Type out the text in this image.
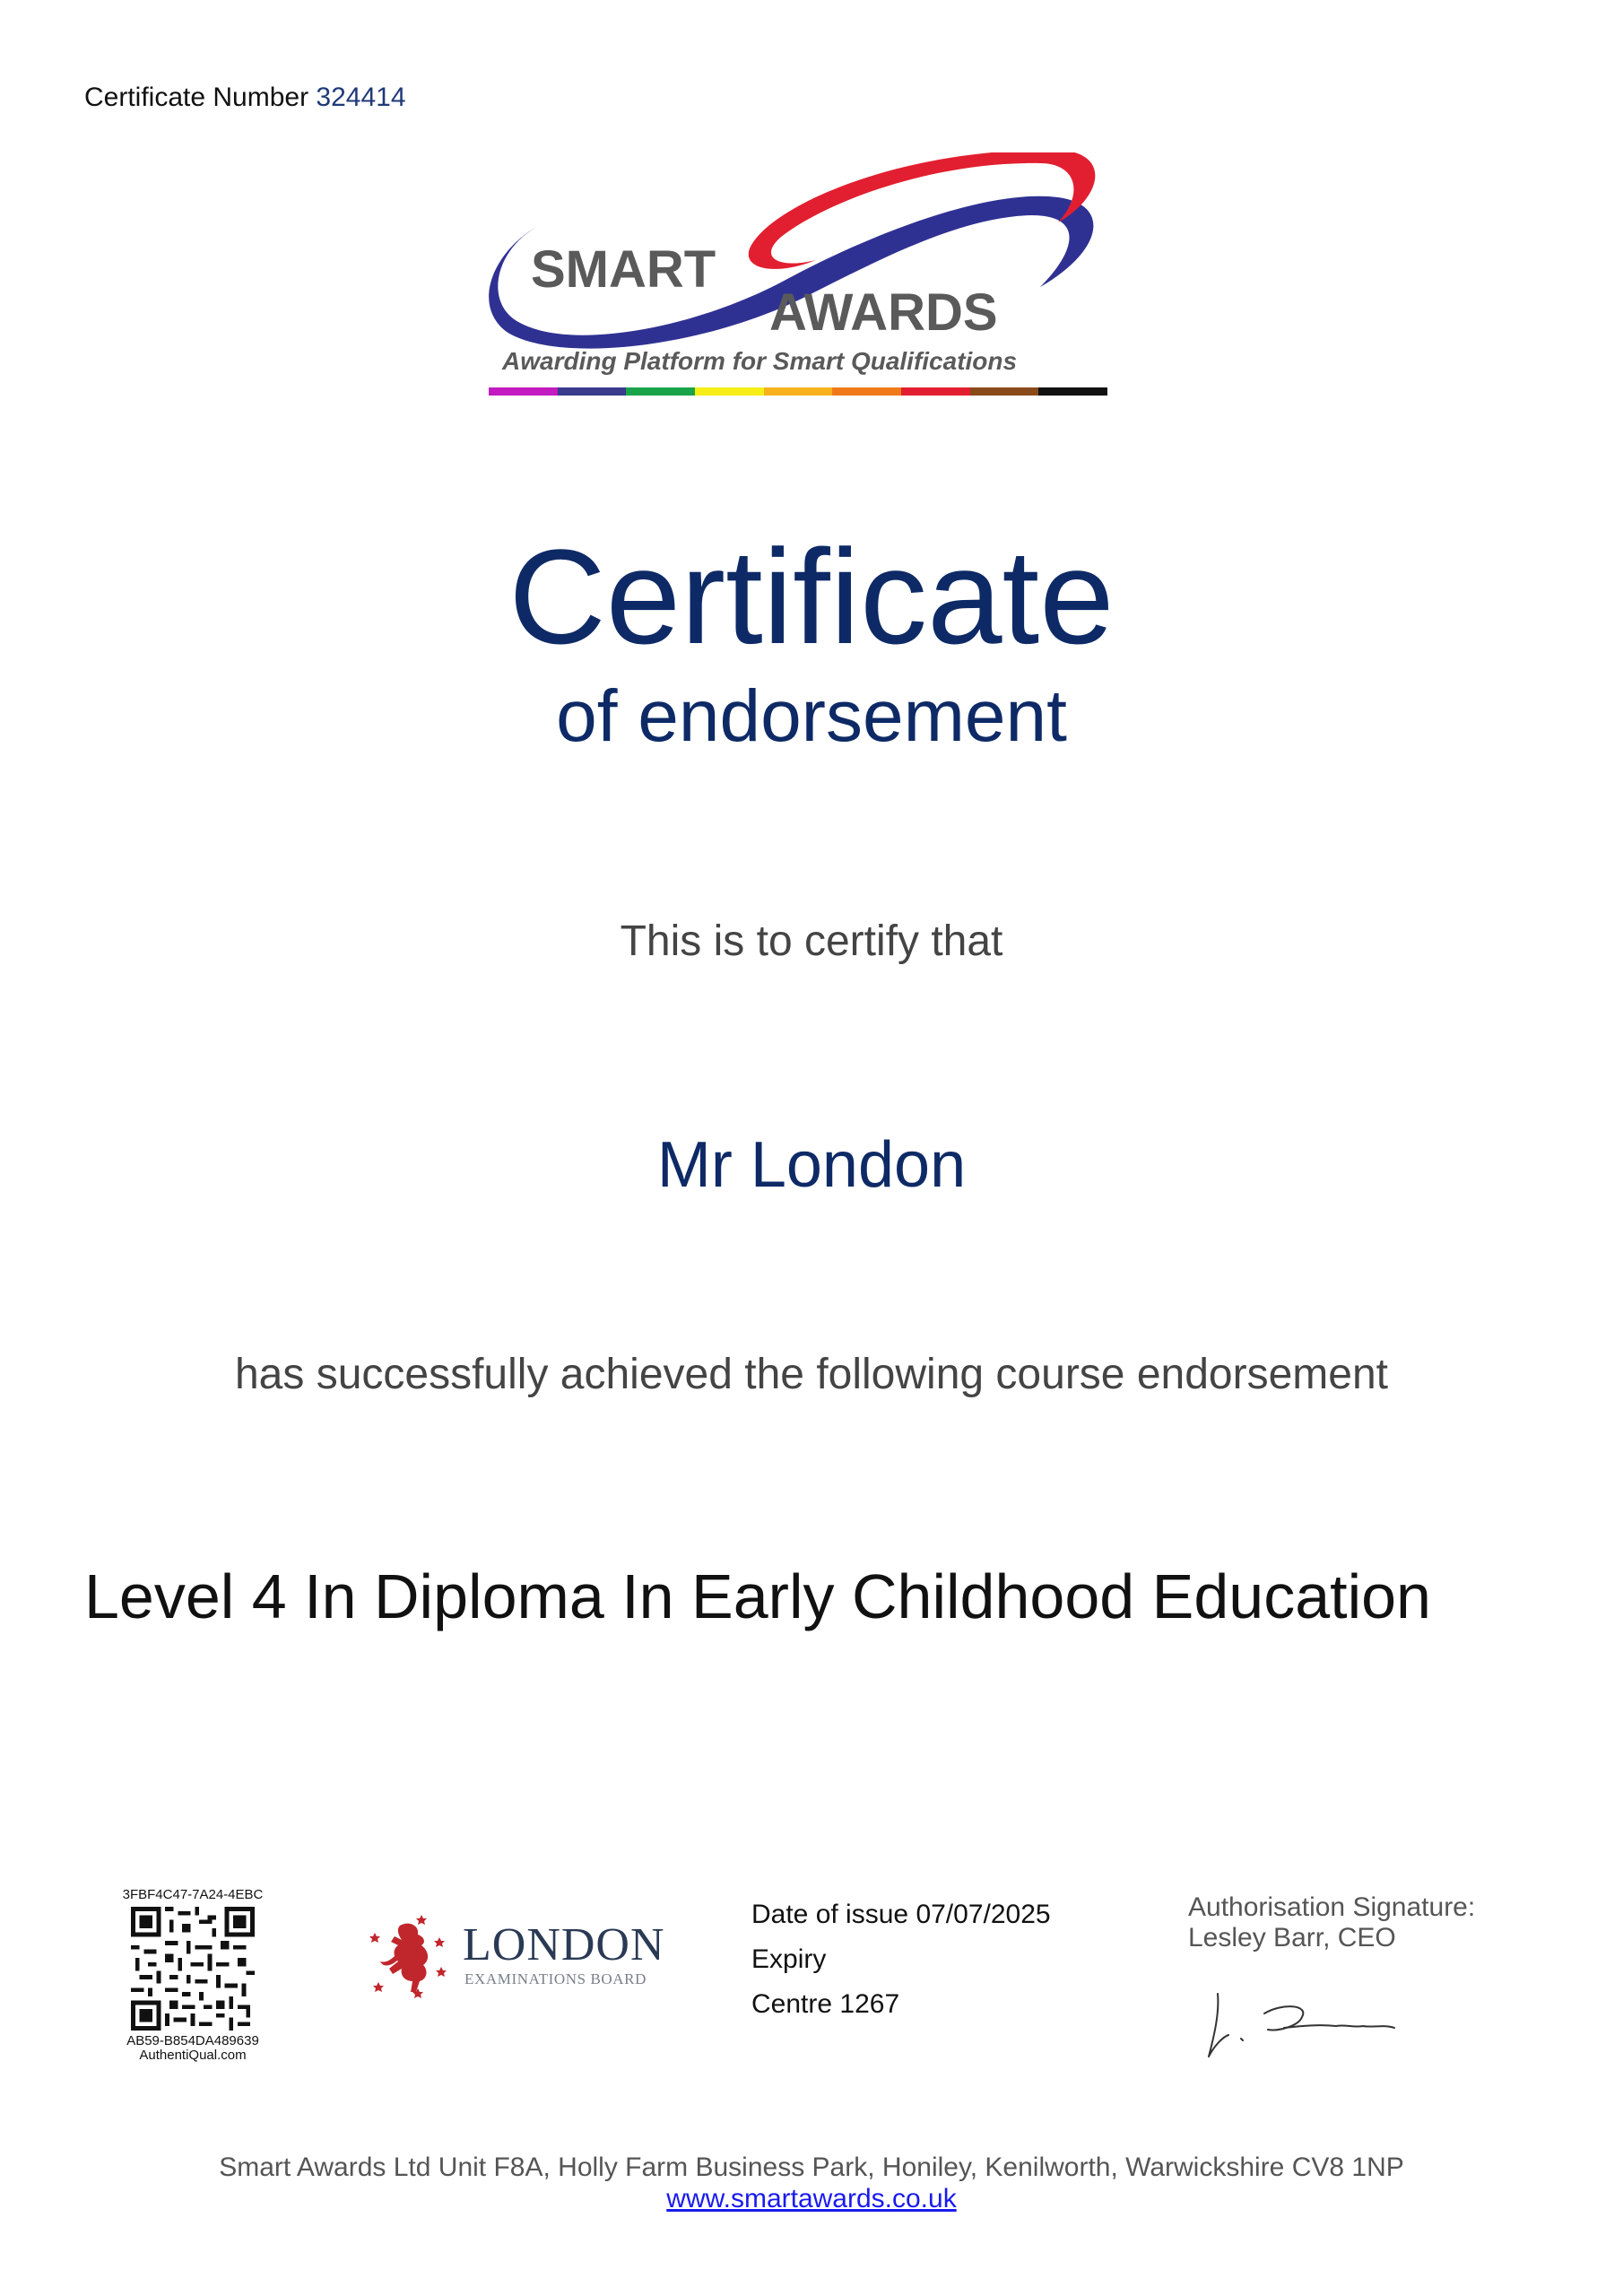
Certificate Number 324414
SMART
AWARDS
Awarding Platform for Smart Qualifications
Certificate
of endorsement
This is to certify that
Mr London
has successfully achieved the following course endorsement
Level 4 In Diploma In Early Childhood Education
3FBF4C47-7A24-4EBC
AB59-B854DA489639
AuthentiQual.com
LONDON
EXAMINATIONS BOARD
Date of issue 07/07/2025
Expiry
Centre 1267
Authorisation Signature:
Lesley Barr, CEO
Smart Awards Ltd Unit F8A, Holly Farm Business Park, Honiley, Kenilworth, Warwickshire CV8 1NP
www.smartawards.co.uk
